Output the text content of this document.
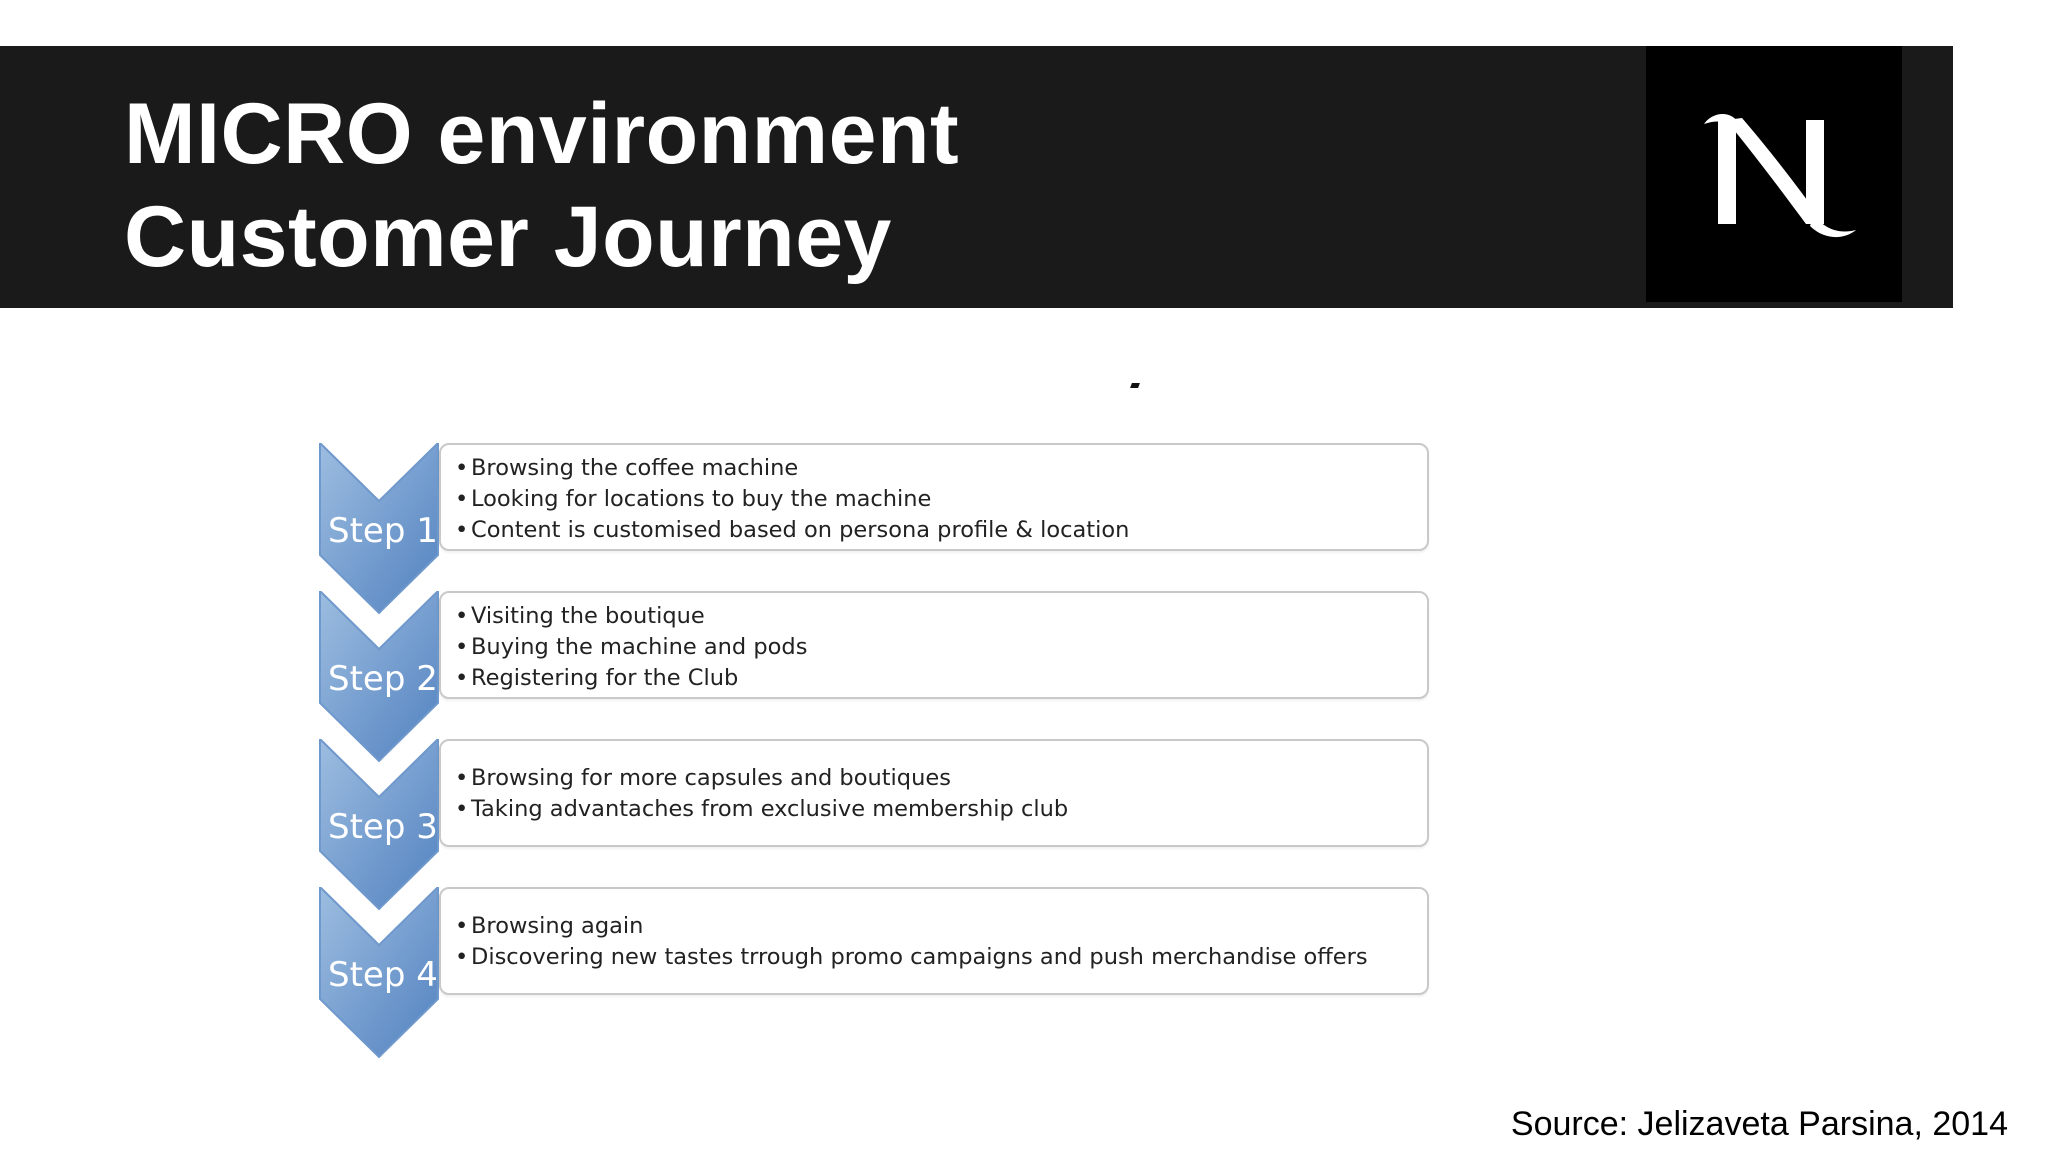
MICRO environment
Customer Journey
Step 1
• Browsing the coffee machine
• Looking for locations to buy the machine
• Content is customised based on persona profile & location
Step 2
• Visiting the boutique
• Buying the machine and pods
• Registering for the Club
Step 3
• Browsing for more capsules and boutiques
• Taking advantaches from exclusive membership club
Step 4
• Browsing again
• Discovering new tastes trrough promo campaigns and push merchandise offers
Source: Jelizaveta Parsina, 2014
